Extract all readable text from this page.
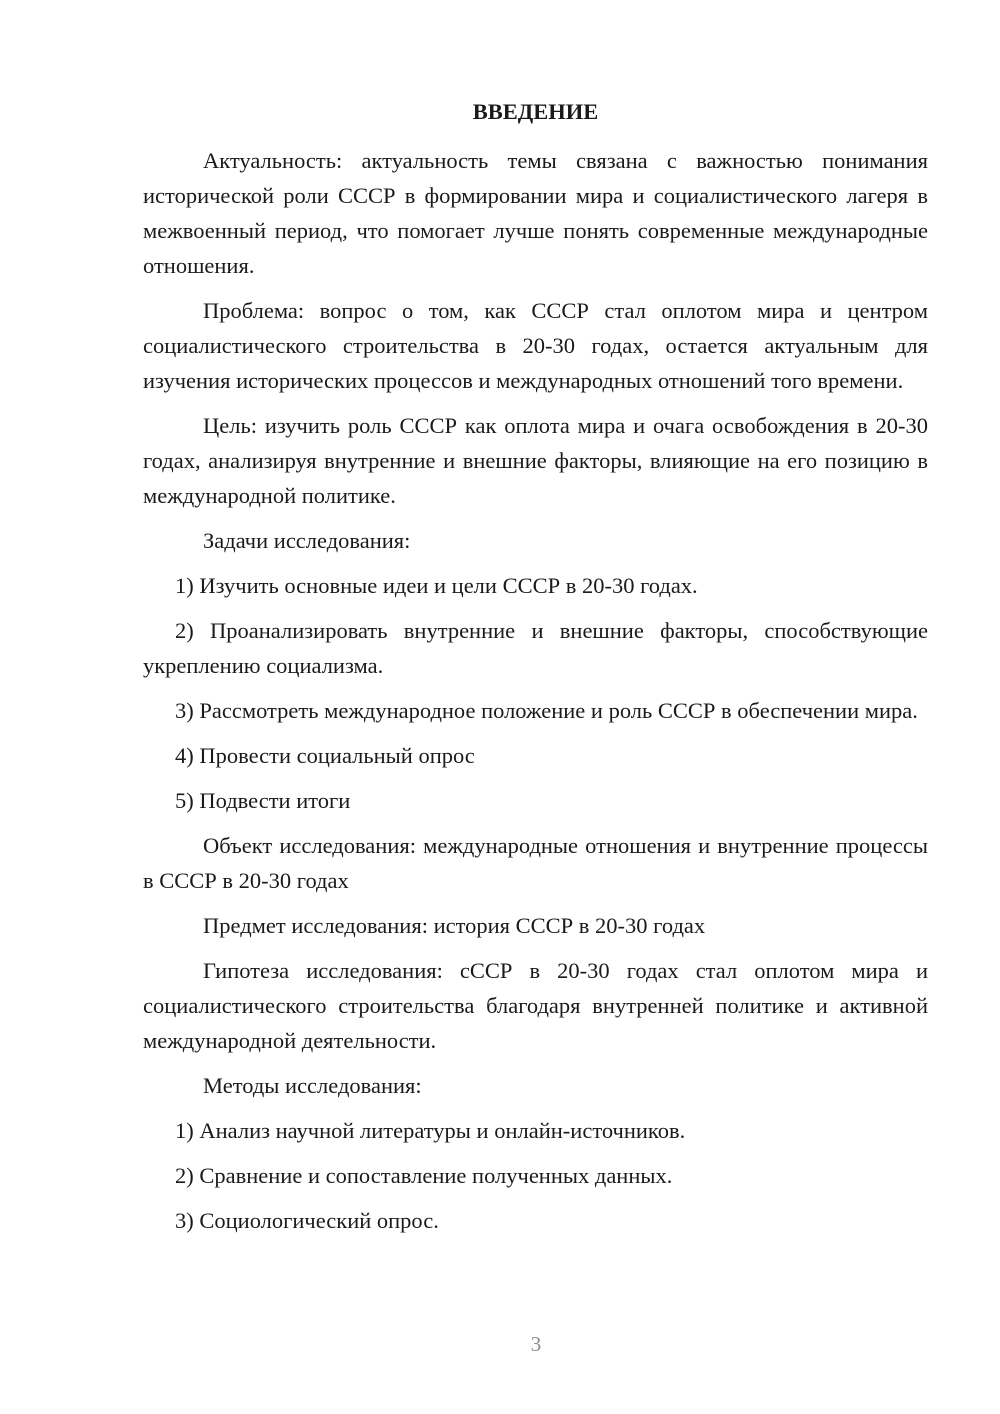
ВВЕДЕНИЕ

Актуальность: актуальность темы связана с важностью понимания исторической роли СССР в формировании мира и социалистического лагеря в межвоенный период, что помогает лучше понять современные международные отношения.

Проблема: вопрос о том, как СССР стал оплотом мира и центром социалистического строительства в 20-30 годах, остается актуальным для изучения исторических процессов и международных отношений того времени.

Цель: изучить роль СССР как оплота мира и очага освобождения в 20-30 годах, анализируя внутренние и внешние факторы, влияющие на его позицию в международной политике.

Задачи исследования:

1) Изучить основные идеи и цели СССР в 20-30 годах.

2) Проанализировать внутренние и внешние факторы, способствующие укреплению социализма.

3) Рассмотреть международное положение и роль СССР в обеспечении мира.

4) Провести социальный опрос

5) Подвести итоги

Объект исследования: международные отношения и внутренние процессы в СССР в 20-30 годах

Предмет исследования: история СССР в 20-30 годах

Гипотеза исследования: сССР в 20-30 годах стал оплотом мира и социалистического строительства благодаря внутренней политике и активной международной деятельности.

Методы исследования:

1) Анализ научной литературы и онлайн-источников.

2) Сравнение и сопоставление полученных данных.

3) Социологический опрос.

3
